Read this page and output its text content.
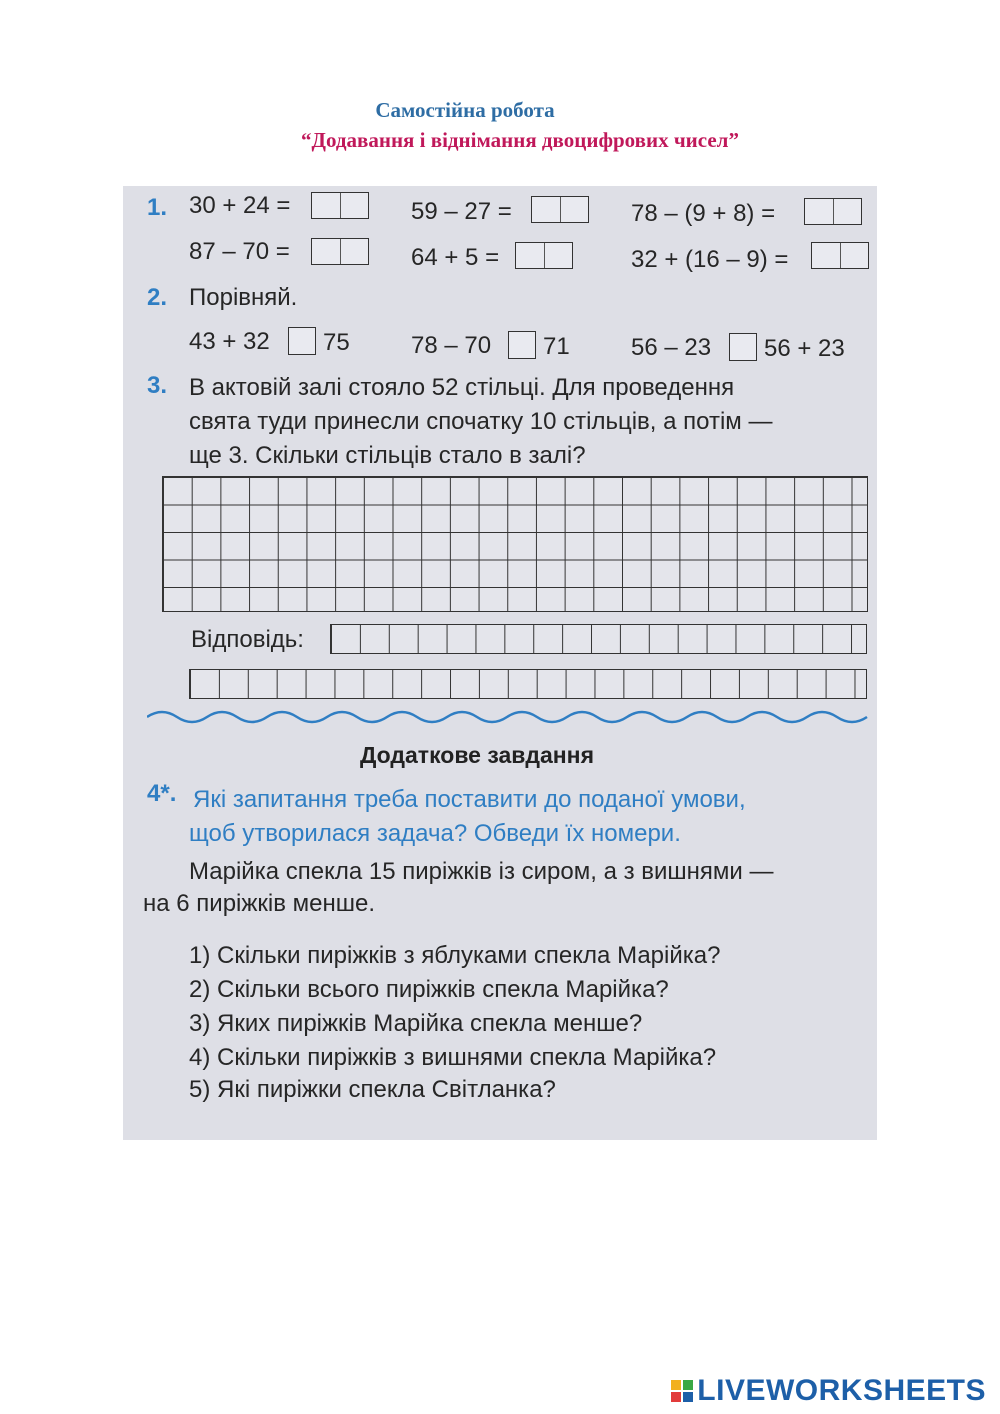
Самостійна робота
“Додавання і віднімання двоцифрових чисел”
1. 30 + 24 =	59 – 27 =	78 – (9 + 8) =
87 – 70 =	64 + 5 =	32 + (16 – 9) =
2. Порівняй.
43 + 32 75	78 – 70 71	56 – 23 56 + 23
3. В актовій залі стояло 52 стільці. Для проведення
свята туди принесли спочатку 10 стільців, а потім —
ще 3. Скільки стільців стало в залі?
Відповідь:
Додаткове завдання
4*. Які запитання треба поставити до поданої умови,
щоб утворилася задача? Обведи їх номери.
Марійка спекла 15 пиріжків із сиром, а з вишнями —
на 6 пиріжків менше.
1) Скільки пиріжків з яблуками спекла Марійка?
2) Скільки всього пиріжків спекла Марійка?
3) Яких пиріжків Марійка спекла менше?
4) Скільки пиріжків з вишнями спекла Марійка?
5) Які пиріжки спекла Світланка?
LIVEWORKSHEETS
